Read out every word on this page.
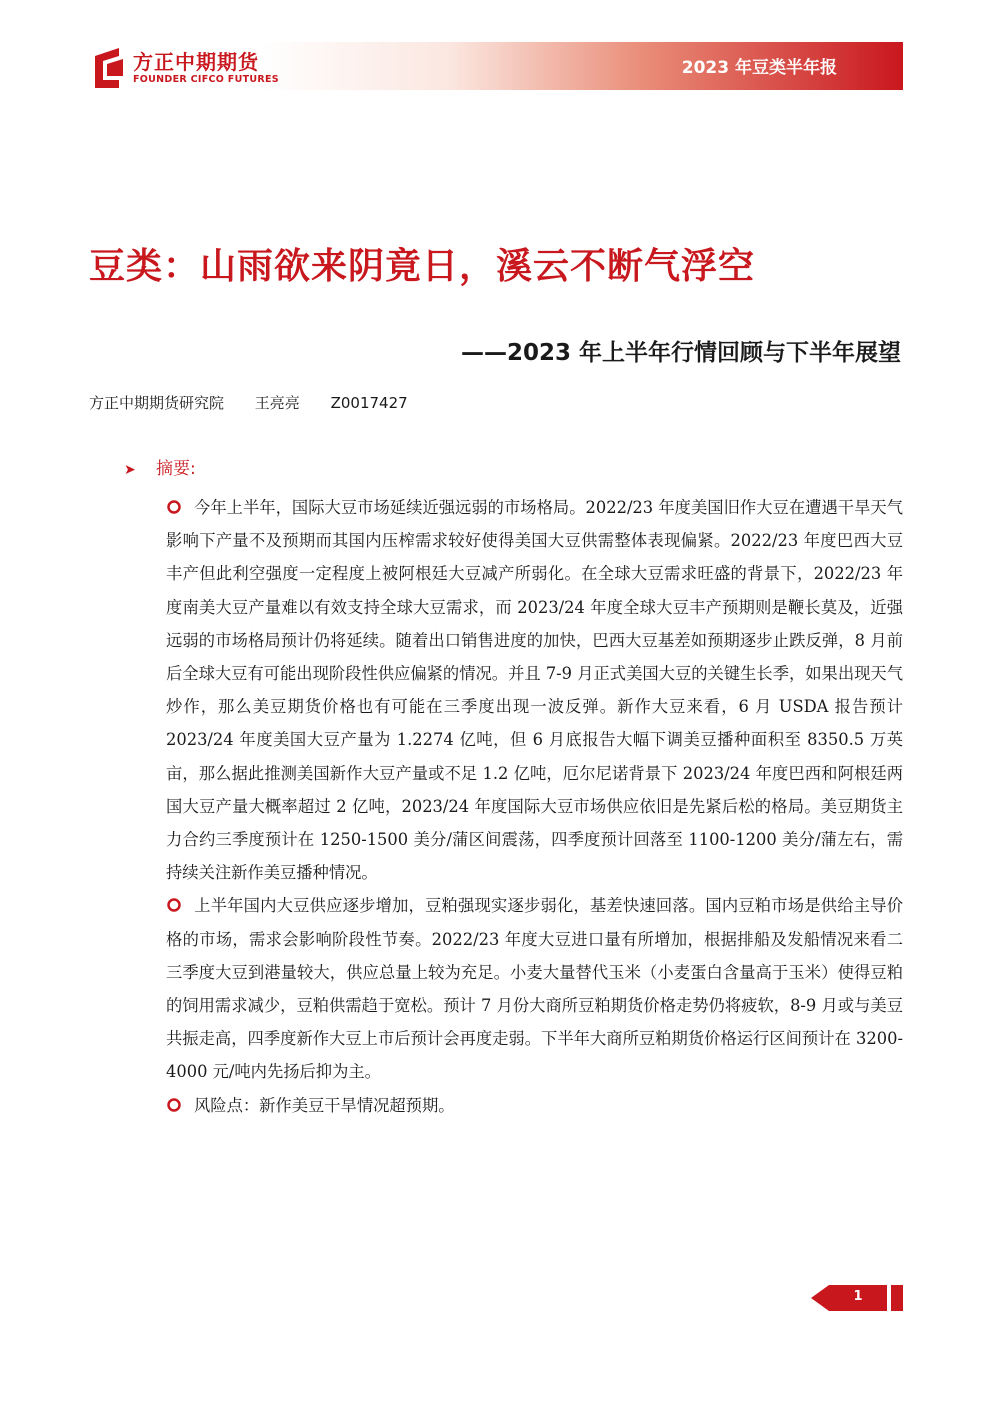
方正中期期货
FOUNDER CIFCO FUTURES
2023 年豆类半年报
豆类：山雨欲来阴竟日，溪云不断气浮空
——2023 年上半年行情回顾与下半年展望
方正中期期货研究院 王亮亮 Z0017427
➤ 摘要:

今年上半年，国际大豆市场延续近强远弱的市场格局。2022/23 年度美国旧作大豆在遭遇干旱天气影响下产量不及预期而其国内压榨需求较好使得美国大豆供需整体表现偏紧。2022/23 年度巴西大豆丰产但此利空强度一定程度上被阿根廷大豆减产所弱化。在全球大豆需求旺盛的背景下，2022/23 年度南美大豆产量难以有效支持全球大豆需求，而 2023/24 年度全球大豆丰产预期则是鞭长莫及，近强远弱的市场格局预计仍将延续。随着出口销售进度的加快，巴西大豆基差如预期逐步止跌反弹，8 月前后全球大豆有可能出现阶段性供应偏紧的情况。并且 7-9 月正式美国大豆的关键生长季，如果出现天气炒作，那么美豆期货价格也有可能在三季度出现一波反弹。新作大豆来看，6 月 USDA 报告预计 2023/24 年度美国大豆产量为 1.2274 亿吨，但 6 月底报告大幅下调美豆播种面积至 8350.5 万英亩，那么据此推测美国新作大豆产量或不足 1.2 亿吨，厄尔尼诺背景下 2023/24 年度巴西和阿根廷两国大豆产量大概率超过 2 亿吨，2023/24 年度国际大豆市场供应依旧是先紧后松的格局。美豆期货主力合约三季度预计在 1250-1500 美分/蒲区间震荡，四季度预计回落至 1100-1200 美分/蒲左右，需持续关注新作美豆播种情况。

上半年国内大豆供应逐步增加，豆粕强现实逐步弱化，基差快速回落。国内豆粕市场是供给主导价格的市场，需求会影响阶段性节奏。2022/23 年度大豆进口量有所增加，根据排船及发船情况来看二三季度大豆到港量较大，供应总量上较为充足。小麦大量替代玉米（小麦蛋白含量高于玉米）使得豆粕的饲用需求减少，豆粕供需趋于宽松。预计 7 月份大商所豆粕期货价格走势仍将疲软，8-9 月或与美豆共振走高，四季度新作大豆上市后预计会再度走弱。下半年大商所豆粕期货价格运行区间预计在 3200-4000 元/吨内先扬后抑为主。

风险点：新作美豆干旱情况超预期。

1
